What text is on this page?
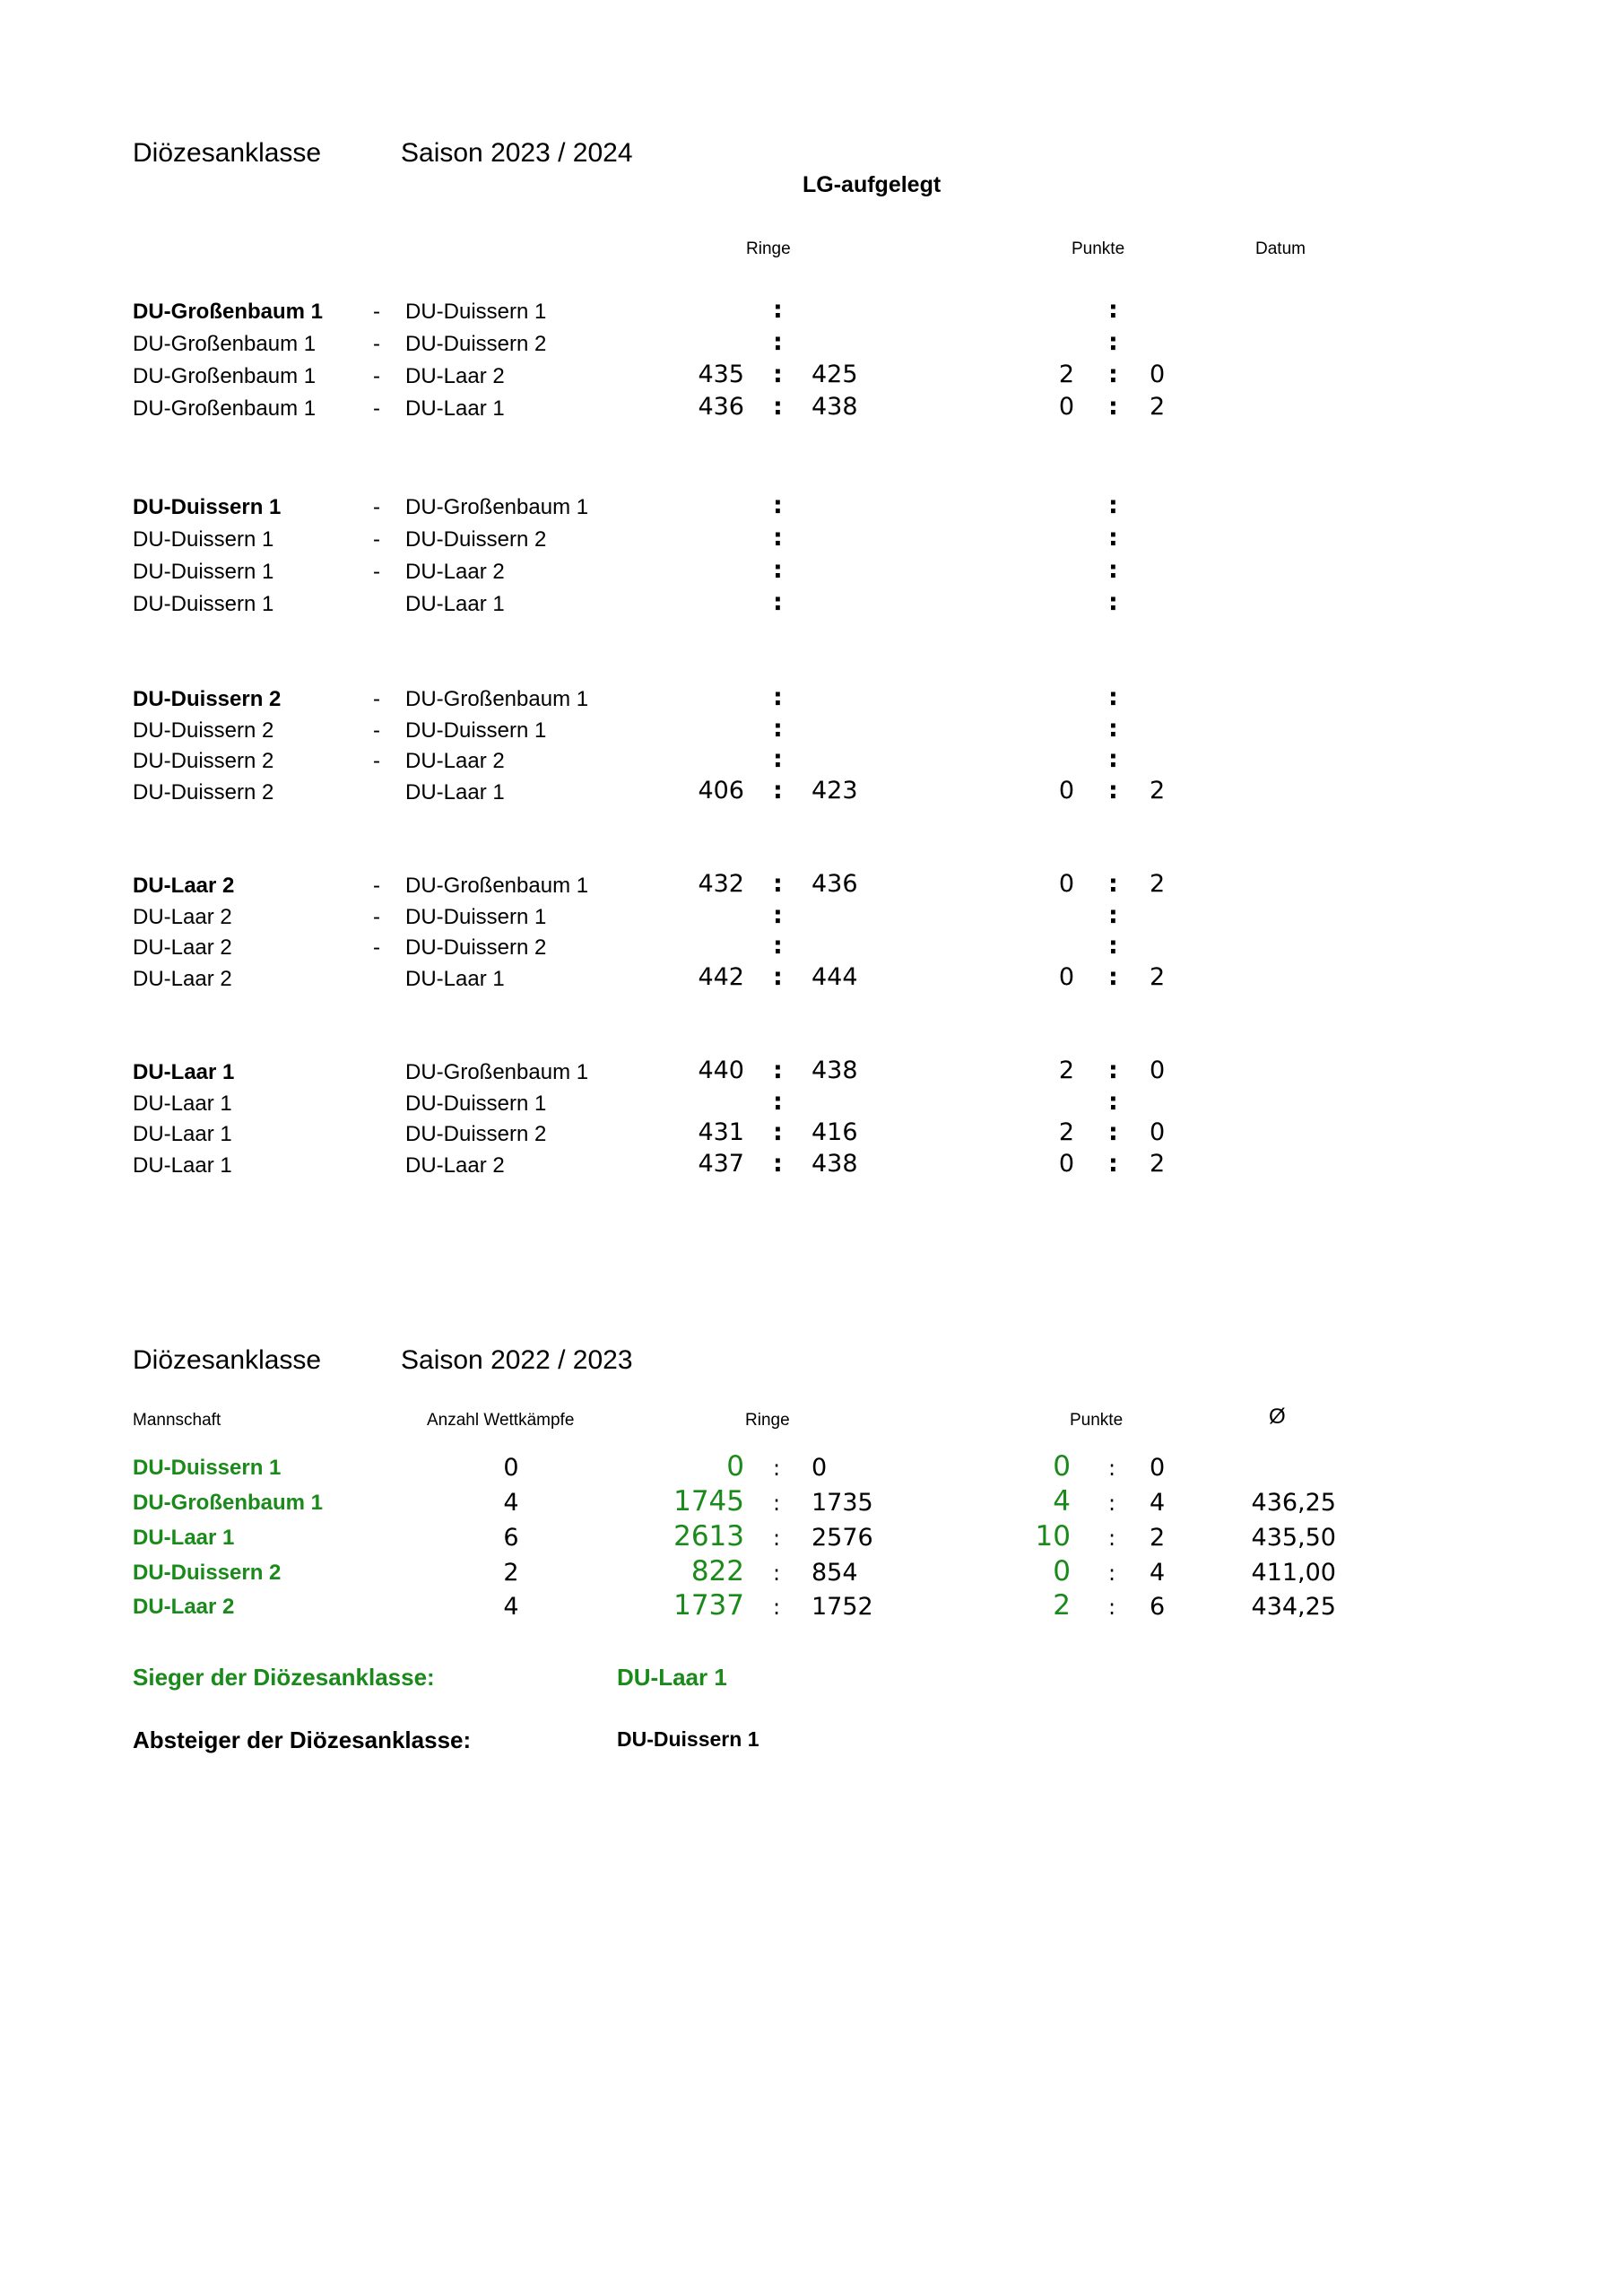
Diözesanklasse	Saison 2023 / 2024
LG-aufgelegt
Ringe	Punkte	Datum
DU-Großenbaum 1 - DU-Duissern 1	:	:
DU-Großenbaum 1	- DU-Duissern 2	:	:
DU-Großenbaum 1	- DU-Laar 2	435 : 425	2 : 0
DU-Großenbaum 1	- DU-Laar 1	436 : 438	0 : 2
DU-Duissern 1	- DU-Großenbaum 1	:	:
DU-Duissern 1	- DU-Duissern 2	:	:
DU-Duissern 1	- DU-Laar 2	:	:
DU-Duissern 1	DU-Laar 1	:	:
DU-Duissern 2	- DU-Großenbaum 1	:	:
DU-Duissern 2	- DU-Duissern 1	:	:
DU-Duissern 2	- DU-Laar 2	:	:
DU-Duissern 2	DU-Laar 1	406 : 423	0 : 2
DU-Laar 2	- DU-Großenbaum 1	432 : 436	0 : 2
DU-Laar 2	- DU-Duissern 1	:	:
DU-Laar 2	- DU-Duissern 2	:	:
DU-Laar 2	DU-Laar 1	442 : 444	0 : 2
DU-Laar 1	DU-Großenbaum 1	440 : 438	2 : 0
DU-Laar 1	DU-Duissern 1	:	:
DU-Laar 1	DU-Duissern 2	431 : 416	2 : 0
DU-Laar 1	DU-Laar 2	437 : 438	0 : 2
Diözesanklasse	Saison 2022 / 2023
Mannschaft	Anzahl Wettkämpfe	Ringe	Punkte	Ø
DU-Duissern 1	0	0 : 0	0 : 0
DU-Großenbaum 1	4	1745 : 1735	4 : 4	436,25
DU-Laar 1	6	2613 : 2576	10 : 2	435,50
DU-Duissern 2	2	822 : 854	0 : 4	411,00
DU-Laar 2	4	1737 : 1752	2 : 6	434,25
Sieger der Diözesanklasse:	DU-Laar 1
Absteiger der Diözesanklasse:	DU-Duissern 1
